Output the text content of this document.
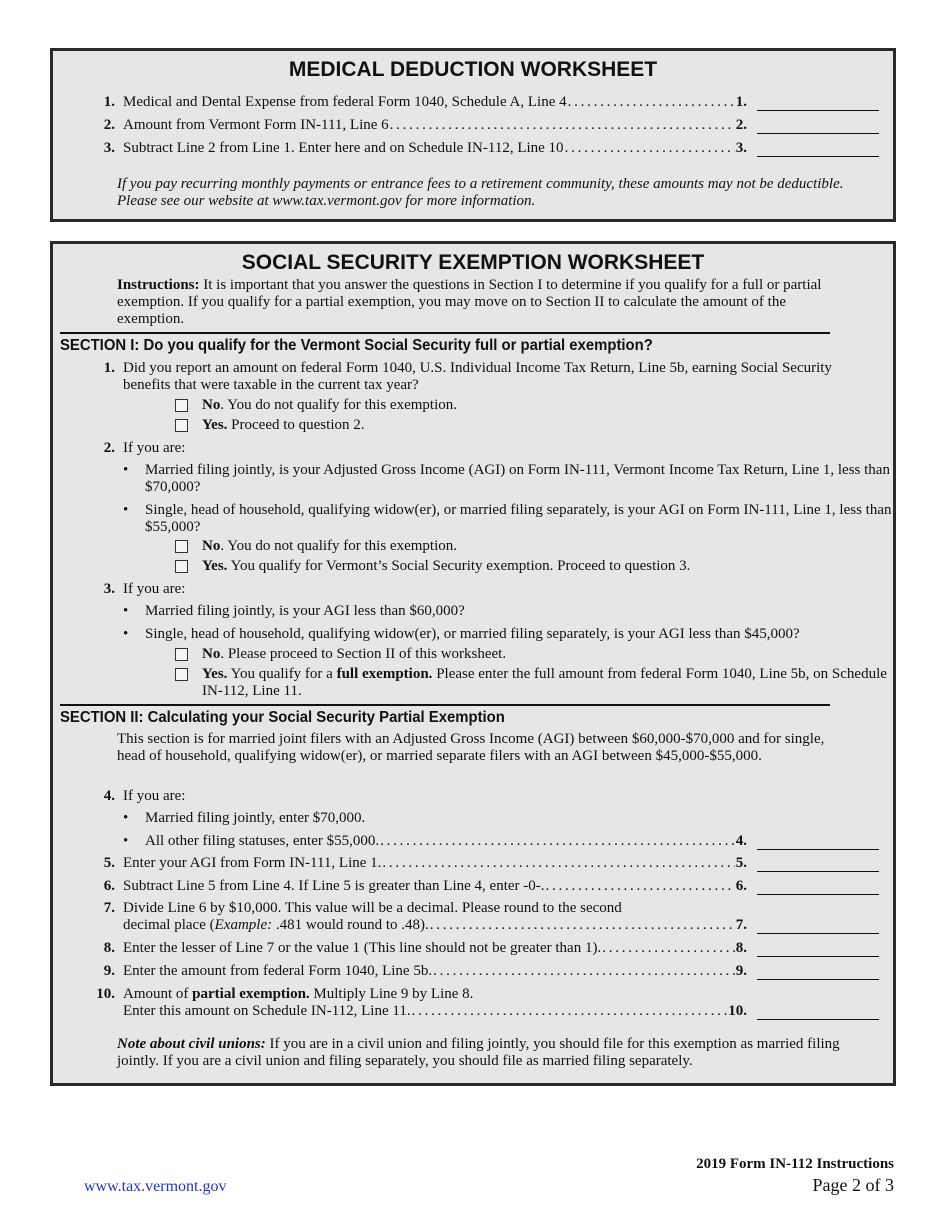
MEDICAL DEDUCTION WORKSHEET
1. Medical and Dental Expense from federal Form 1040, Schedule A, Line 4 . . .	1.
2. Amount from Vermont Form IN-111, Line 6 . . .	2.
3. Subtract Line 2 from Line 1. Enter here and on Schedule IN-112, Line 10 . . .	3.
If you pay recurring monthly payments or entrance fees to a retirement community, these amounts may not be deductible. Please see our website at www.tax.vermont.gov for more information.
SOCIAL SECURITY EXEMPTION WORKSHEET
Instructions: It is important that you answer the questions in Section I to determine if you qualify for a full or partial exemption. If you qualify for a partial exemption, you may move on to Section II to calculate the amount of the exemption.
SECTION I: Do you qualify for the Vermont Social Security full or partial exemption?
1. Did you report an amount on federal Form 1040, U.S. Individual Income Tax Return, Line 5b, earning Social Security benefits that were taxable in the current tax year?
No. You do not qualify for this exemption.
Yes. Proceed to question 2.
2. If you are:
• Married filing jointly, is your Adjusted Gross Income (AGI) on Form IN-111, Vermont Income Tax Return, Line 1, less than $70,000?
• Single, head of household, qualifying widow(er), or married filing separately, is your AGI on Form IN-111, Line 1, less than $55,000?
No. You do not qualify for this exemption.
Yes. You qualify for Vermont’s Social Security exemption. Proceed to question 3.
3. If you are:
• Married filing jointly, is your AGI less than $60,000?
• Single, head of household, qualifying widow(er), or married filing separately, is your AGI less than $45,000?
No. Please proceed to Section II of this worksheet.
Yes. You qualify for a full exemption. Please enter the full amount from federal Form 1040, Line 5b, on Schedule IN-112, Line 11.
SECTION II: Calculating your Social Security Partial Exemption
This section is for married joint filers with an Adjusted Gross Income (AGI) between $60,000-$70,000 and for single, head of household, qualifying widow(er), or married separate filers with an AGI between $45,000-$55,000.
4. If you are:
• Married filing jointly, enter $70,000.
• All other filing statuses, enter $55,000. . . .	4.
5. Enter your AGI from Form IN-111, Line 1. . . .	5.
6. Subtract Line 5 from Line 4. If Line 5 is greater than Line 4, enter -0-. . . .	6.
7. Divide Line 6 by $10,000. This value will be a decimal. Please round to the second
decimal place (Example: .481 would round to .48). . . .	7.
8. Enter the lesser of Line 7 or the value 1 (This line should not be greater than 1). . . .	8.
9. Enter the amount from federal Form 1040, Line 5b. . . .	9.
10. Amount of partial exemption. Multiply Line 9 by Line 8.
Enter this amount on Schedule IN-112, Line 11. . . .	10.
Note about civil unions: If you are in a civil union and filing jointly, you should file for this exemption as married filing jointly. If you are a civil union and filing separately, you should file as married filing separately.
www.tax.vermont.gov
2019 Form IN-112 Instructions
Page 2 of 3
